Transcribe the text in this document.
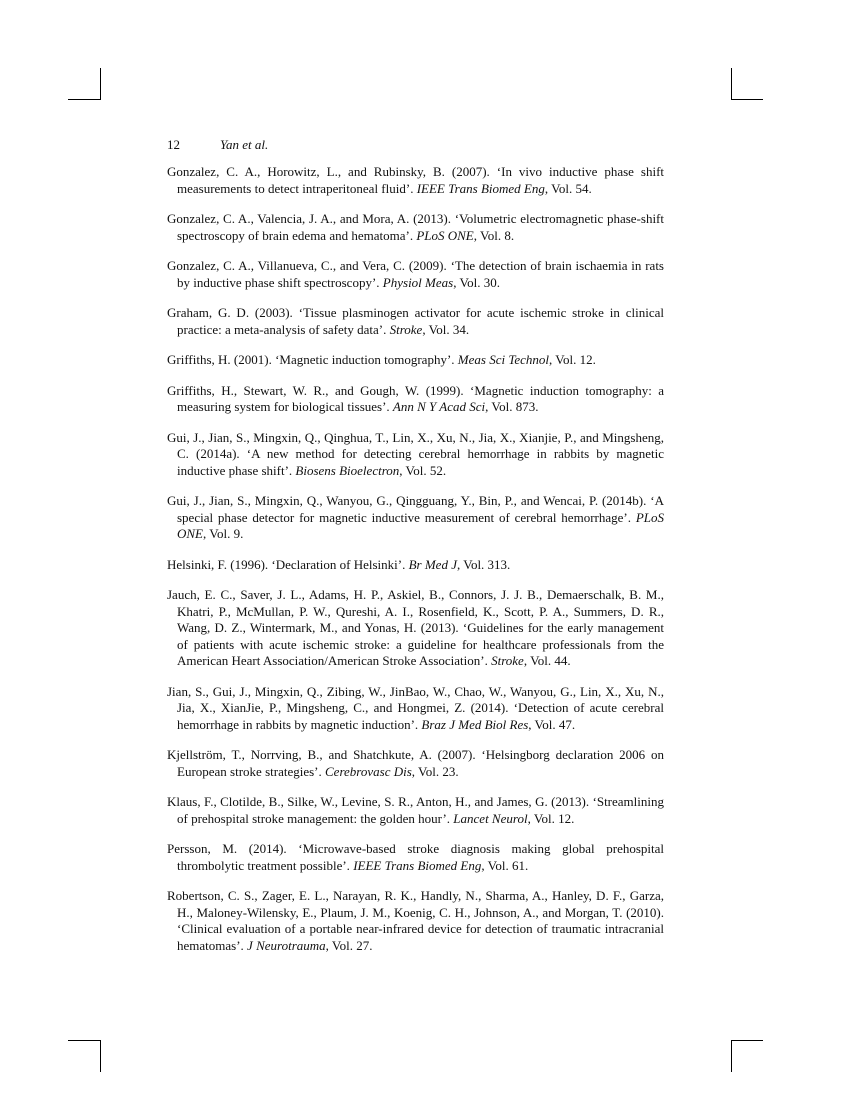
12	Yan et al.
Gonzalez, C. A., Horowitz, L., and Rubinsky, B. (2007). ‘In vivo inductive phase shift measurements to detect intraperitoneal fluid’. IEEE Trans Biomed Eng, Vol. 54.
Gonzalez, C. A., Valencia, J. A., and Mora, A. (2013). ‘Volumetric electromagnetic phase-shift spectroscopy of brain edema and hematoma’. PLoS ONE, Vol. 8.
Gonzalez, C. A., Villanueva, C., and Vera, C. (2009). ‘The detection of brain ischaemia in rats by inductive phase shift spectroscopy’. Physiol Meas, Vol. 30.
Graham, G. D. (2003). ‘Tissue plasminogen activator for acute ischemic stroke in clinical practice: a meta-analysis of safety data’. Stroke, Vol. 34.
Griffiths, H. (2001). ‘Magnetic induction tomography’. Meas Sci Technol, Vol. 12.
Griffiths, H., Stewart, W. R., and Gough, W. (1999). ‘Magnetic induction tomography: a measuring system for biological tissues’. Ann N Y Acad Sci, Vol. 873.
Gui, J., Jian, S., Mingxin, Q., Qinghua, T., Lin, X., Xu, N., Jia, X., Xianjie, P., and Mingsheng, C. (2014a). ‘A new method for detecting cerebral hemorrhage in rabbits by magnetic inductive phase shift’. Biosens Bioelectron, Vol. 52.
Gui, J., Jian, S., Mingxin, Q., Wanyou, G., Qingguang, Y., Bin, P., and Wencai, P. (2014b). ‘A special phase detector for magnetic inductive measurement of cerebral hemorrhage’. PLoS ONE, Vol. 9.
Helsinki, F. (1996). ‘Declaration of Helsinki’. Br Med J, Vol. 313.
Jauch, E. C., Saver, J. L., Adams, H. P., Askiel, B., Connors, J. J. B., Demaerschalk, B. M., Khatri, P., McMullan, P. W., Qureshi, A. I., Rosenfield, K., Scott, P. A., Summers, D. R., Wang, D. Z., Wintermark, M., and Yonas, H. (2013). ‘Guidelines for the early management of patients with acute ischemic stroke: a guideline for healthcare professionals from the American Heart Association/American Stroke Association’. Stroke, Vol. 44.
Jian, S., Gui, J., Mingxin, Q., Zibing, W., JinBao, W., Chao, W., Wanyou, G., Lin, X., Xu, N., Jia, X., XianJie, P., Mingsheng, C., and Hongmei, Z. (2014). ‘Detection of acute cerebral hemorrhage in rabbits by magnetic induction’. Braz J Med Biol Res, Vol. 47.
Kjellström, T., Norrving, B., and Shatchkute, A. (2007). ‘Helsingborg declaration 2006 on European stroke strategies’. Cerebrovasc Dis, Vol. 23.
Klaus, F., Clotilde, B., Silke, W., Levine, S. R., Anton, H., and James, G. (2013). ‘Streamlining of prehospital stroke management: the golden hour’. Lancet Neurol, Vol. 12.
Persson, M. (2014). ‘Microwave-based stroke diagnosis making global prehospital thrombolytic treatment possible’. IEEE Trans Biomed Eng, Vol. 61.
Robertson, C. S., Zager, E. L., Narayan, R. K., Handly, N., Sharma, A., Hanley, D. F., Garza, H., Maloney-Wilensky, E., Plaum, J. M., Koenig, C. H., Johnson, A., and Morgan, T. (2010). ‘Clinical evaluation of a portable near-infrared device for detection of traumatic intracranial hematomas’. J Neurotrauma, Vol. 27.
